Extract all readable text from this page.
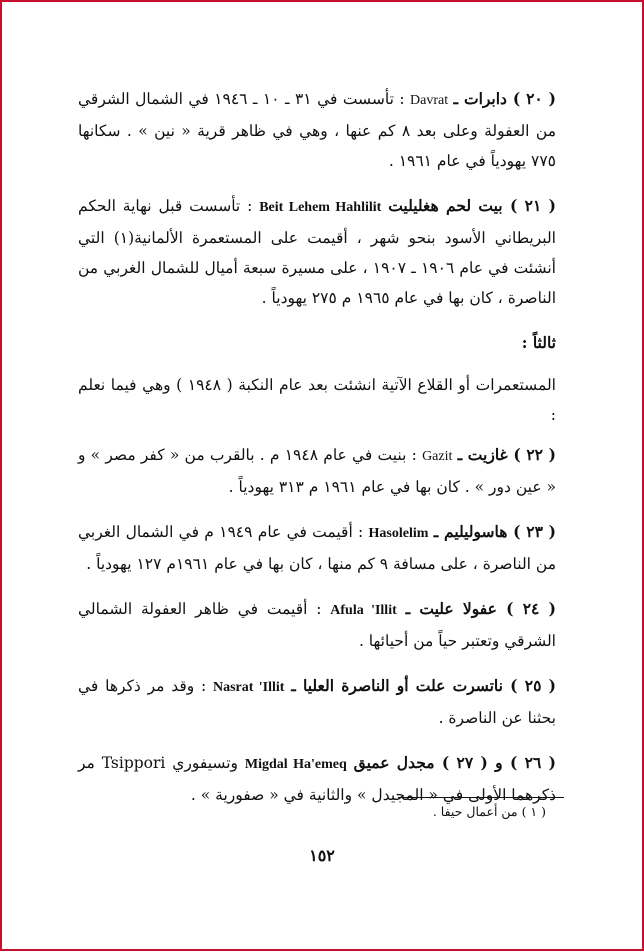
( ٢٠ ) دابرات ـ Davrat : تأسست في ٣١ ـ ١٠ ـ ١٩٤٦ في الشمال الشرقي من العفولة وعلى بعد ٨ كم عنها ، وهي في ظاهر قرية « نين » . سكانها ٧٧٥ يهودياً في عام ١٩٦١ .

( ٢١ ) بيت لحم هغليليت Beit Lehem Hahlilit : تأسست قبل نهاية الحكم البريطاني الأسود بنحو شهر ، أقيمت على المستعمرة الألمانية(١) التي أنشئت في عام ١٩٠٦ ـ ١٩٠٧ ، على مسيرة سبعة أميال للشمال الغربي من الناصرة ، كان بها في عام ١٩٦٥ م ٢٧٥ يهودياً .

ثالثاً :

المستعمرات أو القلاع الآتية انشئت بعد عام النكبة ( ١٩٤٨ ) وهي فيما نعلم :

( ٢٢ ) غازيت ـ Gazit : بنيت في عام ١٩٤٨ م . بالقرب من « كفر مصر » و « عين دور » . كان بها في عام ١٩٦١ م ٣١٣ يهودياً .

( ٢٣ ) هاسوليليم ـ Hasolelim : أقيمت في عام ١٩٤٩ م في الشمال الغربي من الناصرة ، على مسافة ٩ كم منها ، كان بها في عام ١٩٦١م ١٢٧ يهودياً .

( ٢٤ ) عفولا عليت ـ Afula 'Illit : أقيمت في ظاهر العفولة الشمالي الشرقي وتعتبر حياً من أحيائها .

( ٢٥ ) ناتسرت علت أو الناصرة العليا ـ Nasrat 'Illit : وقد مر ذكرها في بحثنا عن الناصرة .

( ٢٦ ) و ( ٢٧ ) مجدل عميق Migdal Ha'emeq وتسيفوري Tsippori مر ذكرهما الأولى في « المجيدل » والثانية في « صفورية » .

( ١ ) من أعمال حيفا .
١٥٢
